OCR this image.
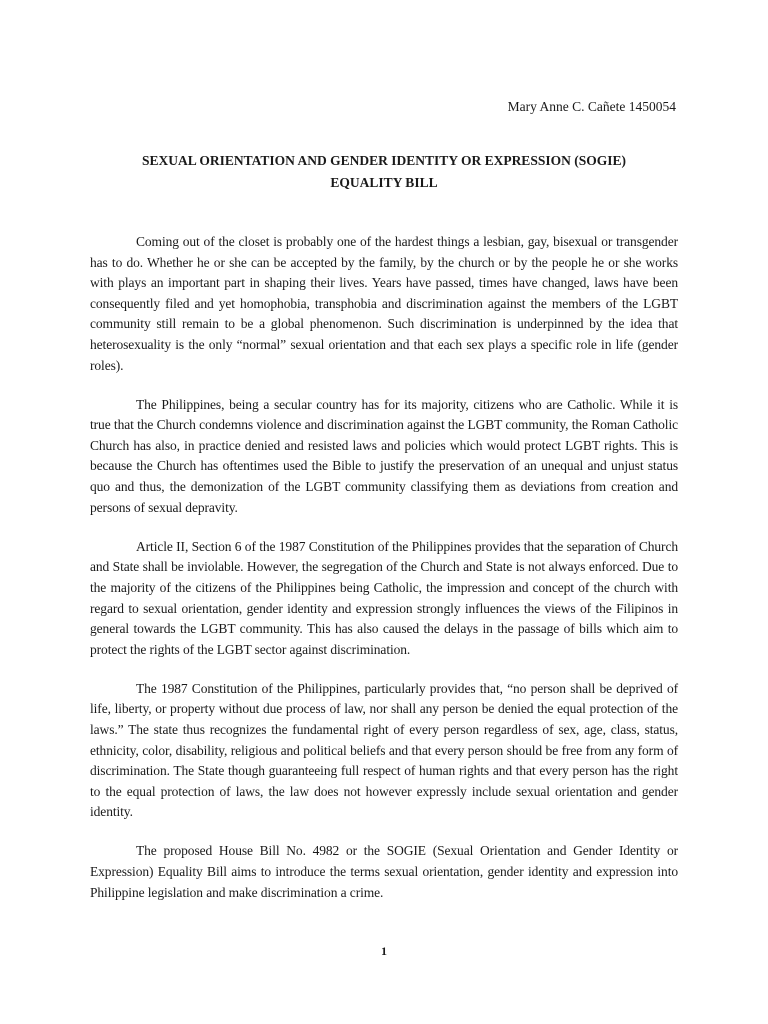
Mary Anne C. Cañete 1450054
SEXUAL ORIENTATION AND GENDER IDENTITY OR EXPRESSION (SOGIE)
EQUALITY BILL

Coming out of the closet is probably one of the hardest things a lesbian, gay, bisexual or transgender has to do. Whether he or she can be accepted by the family, by the church or by the people he or she works with plays an important part in shaping their lives. Years have passed, times have changed, laws have been consequently filed and yet homophobia, transphobia and discrimination against the members of the LGBT community still remain to be a global phenomenon. Such discrimination is underpinned by the idea that heterosexuality is the only “normal” sexual orientation and that each sex plays a specific role in life (gender roles).

The Philippines, being a secular country has for its majority, citizens who are Catholic. While it is true that the Church condemns violence and discrimination against the LGBT community, the Roman Catholic Church has also, in practice denied and resisted laws and policies which would protect LGBT rights. This is because the Church has oftentimes used the Bible to justify the preservation of an unequal and unjust status quo and thus, the demonization of the LGBT community classifying them as deviations from creation and persons of sexual depravity.

Article II, Section 6 of the 1987 Constitution of the Philippines provides that the separation of Church and State shall be inviolable. However, the segregation of the Church and State is not always enforced. Due to the majority of the citizens of the Philippines being Catholic, the impression and concept of the church with regard to sexual orientation, gender identity and expression strongly influences the views of the Filipinos in general towards the LGBT community. This has also caused the delays in the passage of bills which aim to protect the rights of the LGBT sector against discrimination.

The 1987 Constitution of the Philippines, particularly provides that, “no person shall be deprived of life, liberty, or property without due process of law, nor shall any person be denied the equal protection of the laws.” The state thus recognizes the fundamental right of every person regardless of sex, age, class, status, ethnicity, color, disability, religious and political beliefs and that every person should be free from any form of discrimination. The State though guaranteeing full respect of human rights and that every person has the right to the equal protection of laws, the law does not however expressly include sexual orientation and gender identity.

The proposed House Bill No. 4982 or the SOGIE (Sexual Orientation and Gender Identity or Expression) Equality Bill aims to introduce the terms sexual orientation, gender identity and expression into Philippine legislation and make discrimination a crime.

1
